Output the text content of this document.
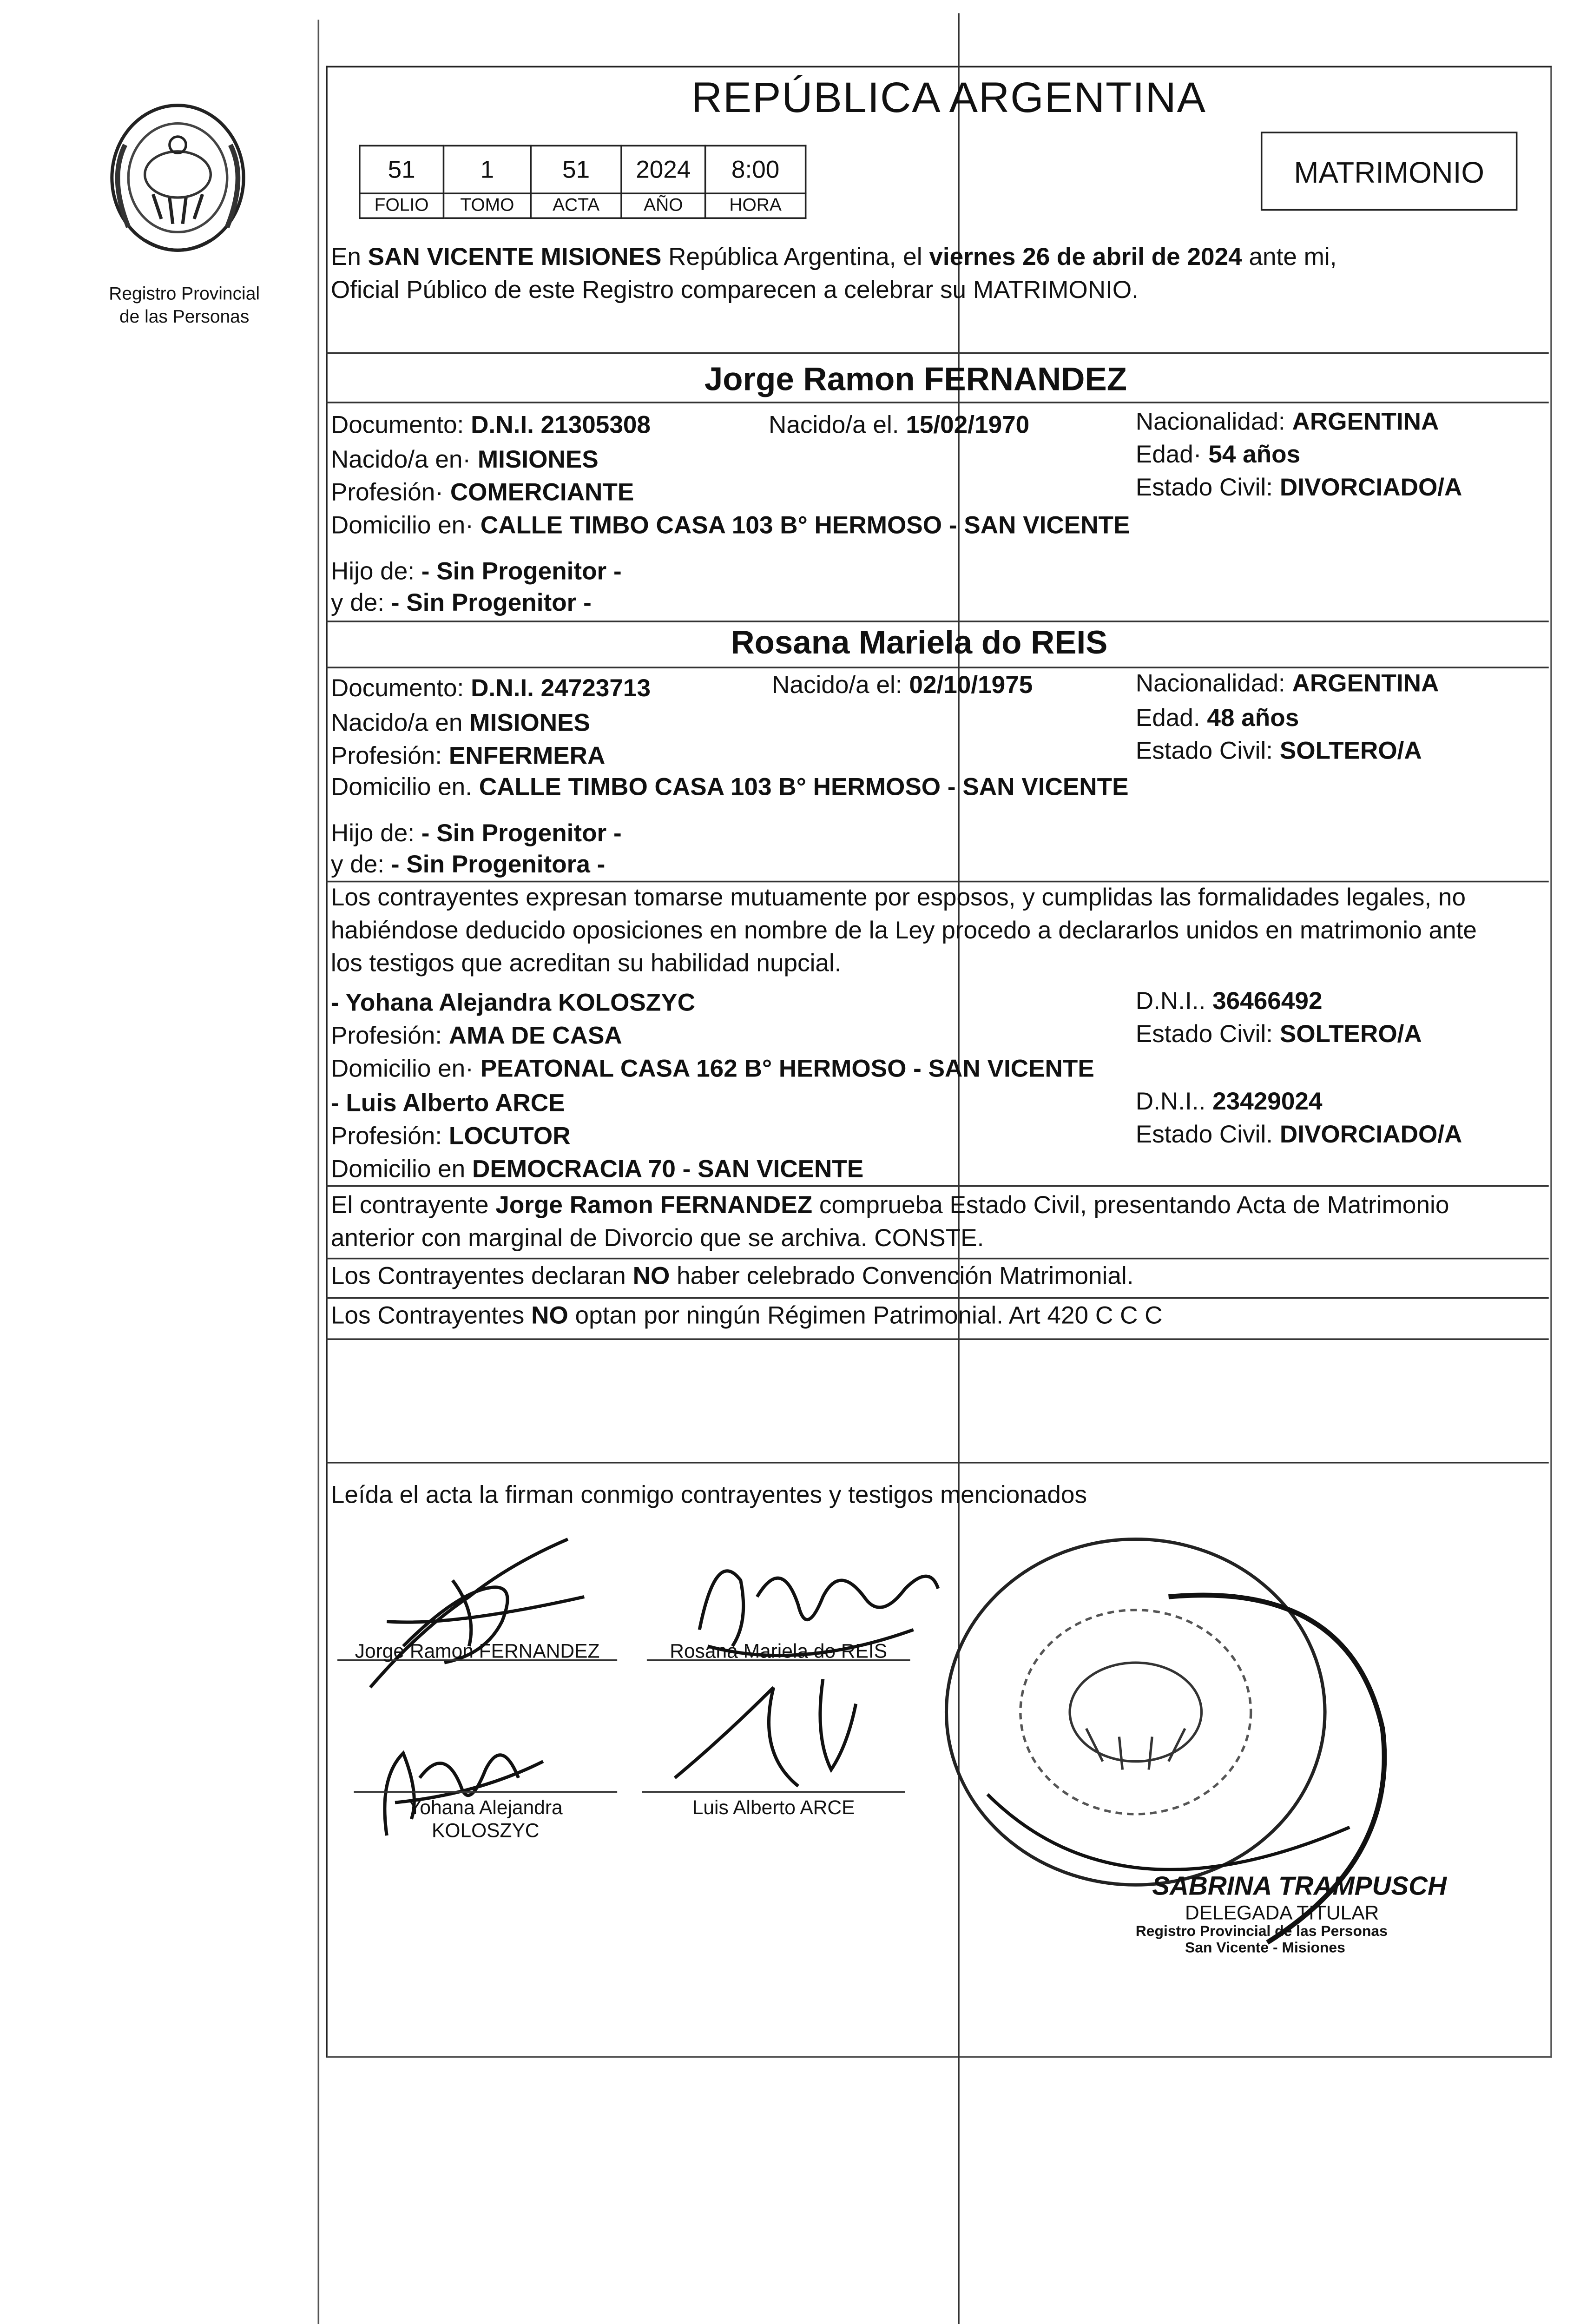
Registro Provincial
de las Personas
REPÚBLICA ARGENTINA
51	1	51	2024	8:00
FOLIO	TOMO	ACTA	AÑO	HORA
MATRIMONIO
En SAN VICENTE MISIONES República Argentina, el viernes 26 de abril de 2024 ante mi,
Oficial Público de este Registro comparecen a celebrar su MATRIMONIO.
Jorge Ramon FERNANDEZ
Documento: D.N.I. 21305308	Nacido/a el. 15/02/1970	Nacionalidad: ARGENTINA
Nacido/a en· MISIONES	Edad· 54 años
Profesión· COMERCIANTE	Estado Civil: DIVORCIADO/A
Domicilio en· CALLE TIMBO CASA 103 B° HERMOSO - SAN VICENTE
Hijo de: - Sin Progenitor -
y de: - Sin Progenitor -
Rosana Mariela do REIS
Documento: D.N.I. 24723713	Nacido/a el: 02/10/1975	Nacionalidad: ARGENTINA
Nacido/a en MISIONES	Edad. 48 años
Profesión: ENFERMERA	Estado Civil: SOLTERO/A
Domicilio en. CALLE TIMBO CASA 103 B° HERMOSO - SAN VICENTE
Hijo de: - Sin Progenitor -
y de: - Sin Progenitora -
Los contrayentes expresan tomarse mutuamente por esposos, y cumplidas las formalidades legales, no
habiéndose deducido oposiciones en nombre de la Ley procedo a declararlos unidos en matrimonio ante
los testigos que acreditan su habilidad nupcial.
- Yohana Alejandra KOLOSZYC	D.N.I.. 36466492
Profesión: AMA DE CASA	Estado Civil: SOLTERO/A
Domicilio en· PEATONAL CASA 162 B° HERMOSO - SAN VICENTE
- Luis Alberto ARCE	D.N.I.. 23429024
Profesión: LOCUTOR	Estado Civil. DIVORCIADO/A
Domicilio en DEMOCRACIA 70 - SAN VICENTE
El contrayente Jorge Ramon FERNANDEZ comprueba Estado Civil, presentando Acta de Matrimonio
anterior con marginal de Divorcio que se archiva. CONSTE.
Los Contrayentes declaran NO haber celebrado Convención Matrimonial.
Los Contrayentes NO optan por ningún Régimen Patrimonial. Art 420 C C C
Leída el acta la firman conmigo contrayentes y testigos mencionados
Jorge Ramon FERNANDEZ	Rosana Mariela do REIS
Yohana Alejandra
KOLOSZYC
Luis Alberto ARCE
SABRINA TRAMPUSCH
DELEGADA TITULAR
Registro Provincial de las Personas
San Vicente - Misiones
